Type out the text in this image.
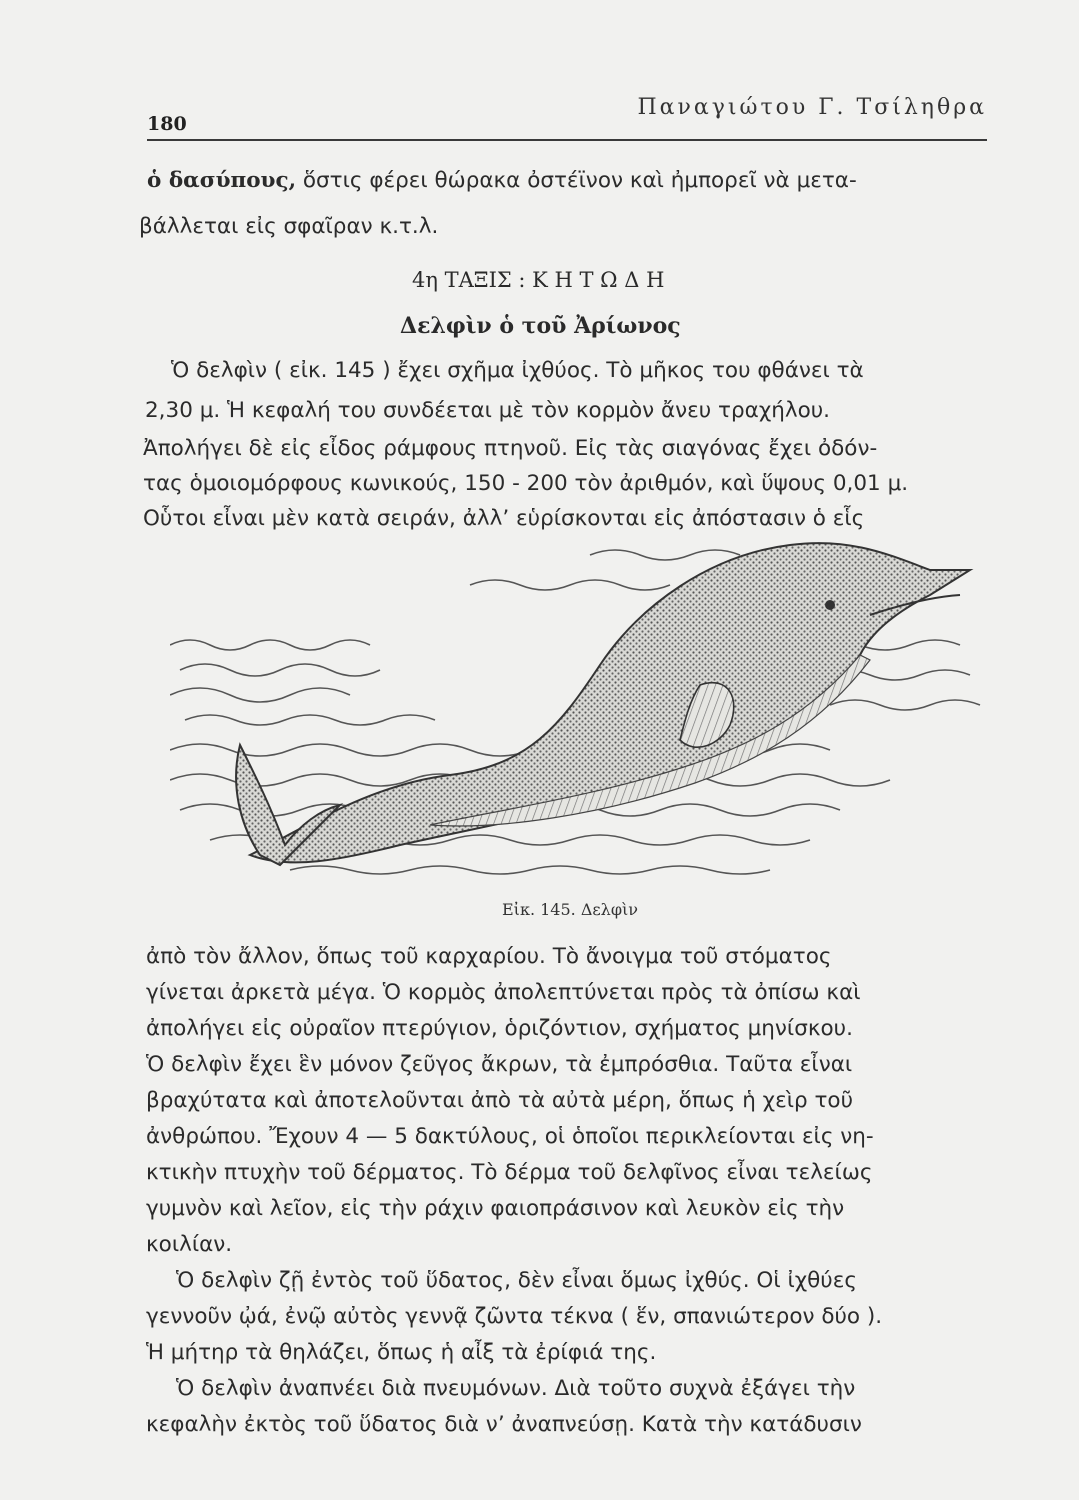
180
Παναγιώτου Γ. Τσίληθρα
ὁ δασύπους, ὅστις φέρει θώρακα ὀστέϊνον καὶ ἠμπορεῖ νὰ μετα-
βάλλεται εἰς σφαῖραν κ.τ.λ.
4η ΤΑΞΙΣ : Κ Η Τ Ω Δ Η
Δελφὶν ὁ τοῦ Ἀρίωνος
Ὁ δελφὶν ( εἰκ. 145 ) ἔχει σχῆμα ἰχθύος. Τὸ μῆκος του φθάνει τὰ
2,30 μ. Ἡ κεφαλή του συνδέεται μὲ τὸν κορμὸν ἄνευ τραχήλου.
Ἀπολήγει δὲ εἰς εἶδος ράμφους πτηνοῦ. Εἰς τὰς σιαγόνας ἔχει ὀδόν-
τας ὁμοιομόρφους κωνικούς, 150 - 200 τὸν ἀριθμόν, καὶ ὕψους 0,01 μ.
Οὗτοι εἶναι μὲν κατὰ σειράν, ἀλλ’ εὑρίσκονται εἰς ἀπόστασιν ὁ εἷς
Εἰκ. 145. Δελφὶν
ἀπὸ τὸν ἄλλον, ὅπως τοῦ καρχαρίου. Τὸ ἄνοιγμα τοῦ στόματος
γίνεται ἀρκετὰ μέγα. Ὁ κορμὸς ἀπολεπτύνεται πρὸς τὰ ὀπίσω καὶ
ἀπολήγει εἰς οὐραῖον πτερύγιον, ὁριζόντιον, σχήματος μηνίσκου.
Ὁ δελφὶν ἔχει ἓν μόνον ζεῦγος ἄκρων, τὰ ἐμπρόσθια. Ταῦτα εἶναι
βραχύτατα καὶ ἀποτελοῦνται ἀπὸ τὰ αὐτὰ μέρη, ὅπως ἡ χεὶρ τοῦ
ἀνθρώπου. Ἔχουν 4 — 5 δακτύλους, οἱ ὁποῖοι περικλείονται εἰς νη-
κτικὴν πτυχὴν τοῦ δέρματος. Τὸ δέρμα τοῦ δελφῖνος εἶναι τελείως
γυμνὸν καὶ λεῖον, εἰς τὴν ράχιν φαιοπράσινον καὶ λευκὸν εἰς τὴν
κοιλίαν.
Ὁ δελφὶν ζῇ ἐντὸς τοῦ ὕδατος, δὲν εἶναι ὅμως ἰχθύς. Οἱ ἰχθύες
γεννοῦν ᾠά, ἐνῷ αὐτὸς γεννᾷ ζῶντα τέκνα ( ἕν, σπανιώτερον δύο ).
Ἡ μήτηρ τὰ θηλάζει, ὅπως ἡ αἶξ τὰ ἐρίφιά της.
Ὁ δελφὶν ἀναπνέει διὰ πνευμόνων. Διὰ τοῦτο συχνὰ ἐξάγει τὴν
κεφαλὴν ἐκτὸς τοῦ ὕδατος διὰ ν’ ἀναπνεύσῃ. Κατὰ τὴν κατάδυσιν
